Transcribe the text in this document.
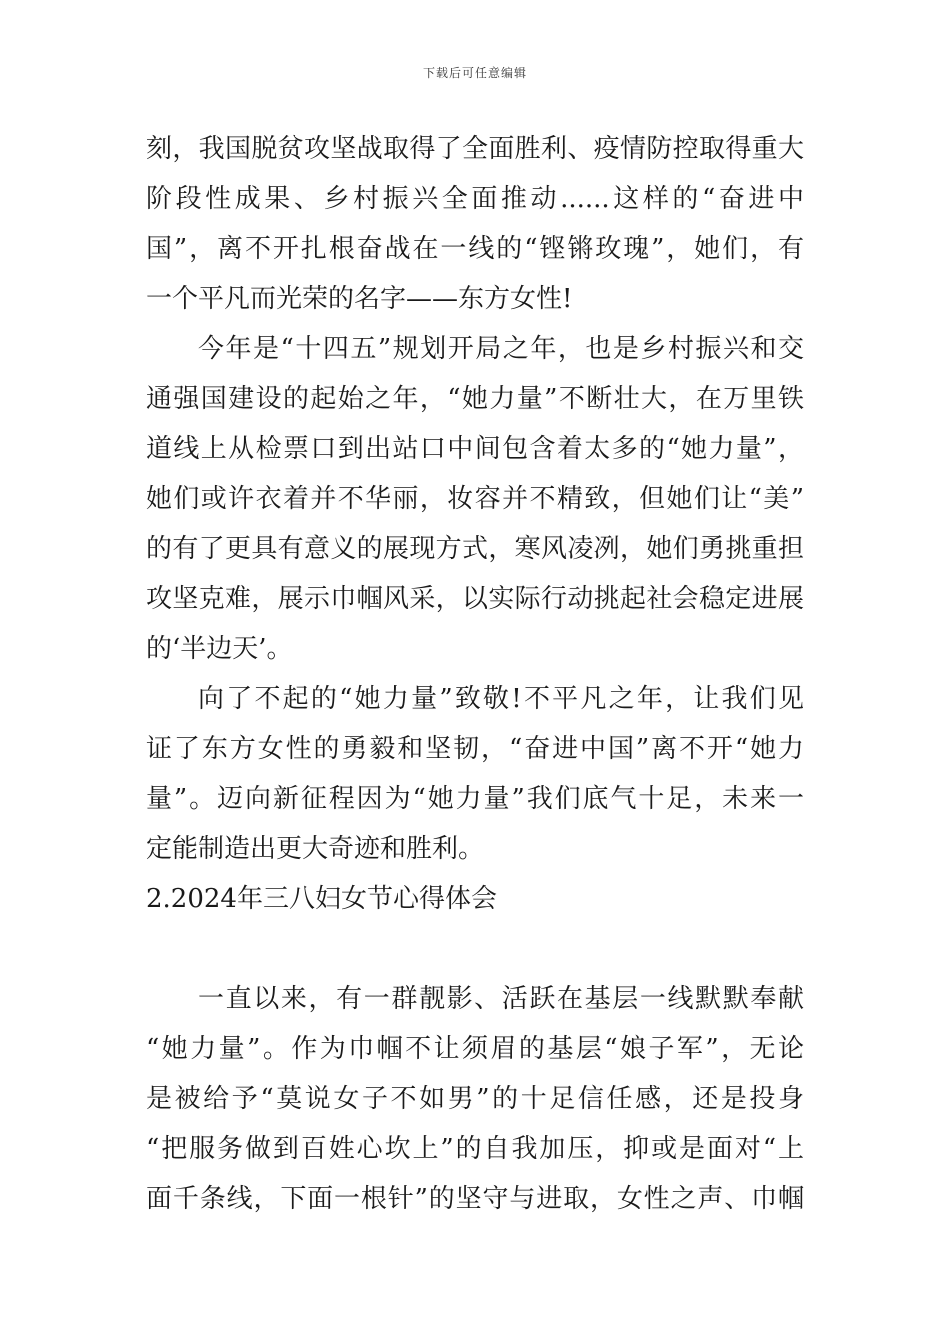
下载后可任意编辑
刻，我国脱贫攻坚战取得了全面胜利、疫情防控取得重大
阶段性成果、乡村振兴全面推动......这样的“奋进中
国”，离不开扎根奋战在一线的“铿锵玫瑰”，她们，有
一个平凡而光荣的名字——东方女性!
今年是“十四五”规划开局之年，也是乡村振兴和交
通强国建设的起始之年，“她力量”不断壮大，在万里铁
道线上从检票口到出站口中间包含着太多的“她力量”，
她们或许衣着并不华丽，妆容并不精致，但她们让“美”
的有了更具有意义的展现方式，寒风凌冽，她们勇挑重担
攻坚克难，展示巾帼风采，以实际行动挑起社会稳定进展
的‘半边天’。
向了不起的“她力量”致敬!不平凡之年，让我们见
证了东方女性的勇毅和坚韧，“奋进中国”离不开“她力
量”。迈向新征程因为“她力量”我们底气十足，未来一
定能制造出更大奇迹和胜利。
2.2024年三八妇女节心得体会
一直以来，有一群靓影、活跃在基层一线默默奉献
“她力量”。作为巾帼不让须眉的基层“娘子军”，无论
是被给予“莫说女子不如男”的十足信任感，还是投身
“把服务做到百姓心坎上”的自我加压，抑或是面对“上
面千条线，下面一根针”的坚守与进取，女性之声、巾帼
